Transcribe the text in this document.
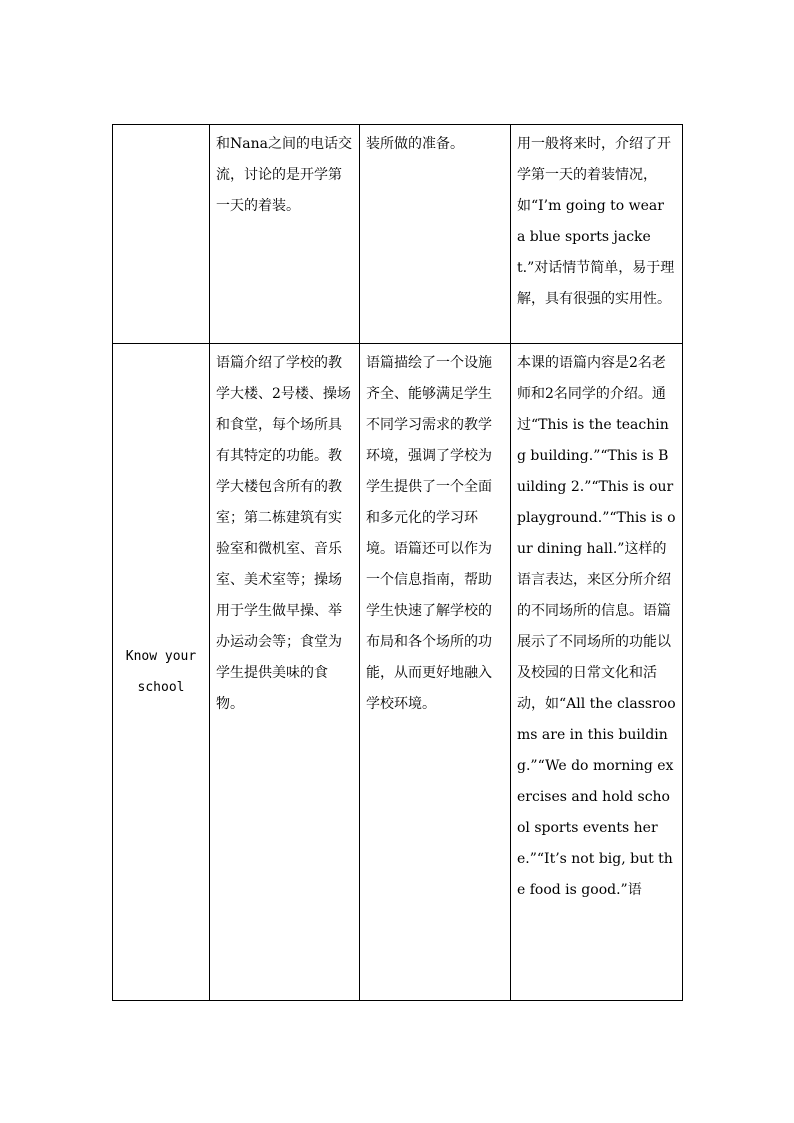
	和Nana之间的电话交流，讨论的是开学第一天的着装。	装所做的准备。	用一般将来时，介绍了开学第一天的着装情况，如“I’m going to wear a blue sports jacket.”对话情节简单，易于理解，具有很强的实用性。
Know your school	语篇介绍了学校的教学大楼、2号楼、操场和食堂，每个场所具有其特定的功能。教学大楼包含所有的教室；第二栋建筑有实验室和微机室、音乐室、美术室等；操场用于学生做早操、举办运动会等；食堂为学生提供美味的食物。	语篇描绘了一个设施齐全、能够满足学生不同学习需求的教学环境，强调了学校为学生提供了一个全面和多元化的学习环境。语篇还可以作为一个信息指南，帮助学生快速了解学校的布局和各个场所的功能，从而更好地融入学校环境。	本课的语篇内容是2名老师和2名同学的介绍。通过“This is the teaching building.”“This is Building 2.”“This is our playground.”“This is our dining hall.”这样的语言表达，来区分所介绍的不同场所的信息。语篇展示了不同场所的功能以及校园的日常文化和活动，如“All the classrooms are in this building.”“We do morning exercises and hold school sports events here.”“It’s not big, but the food is good.”语
